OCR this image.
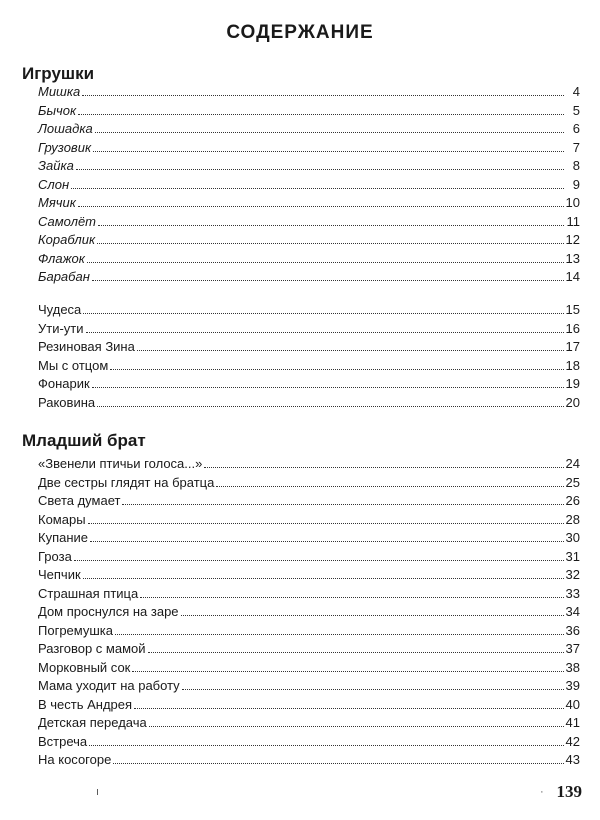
СОДЕРЖАНИЕ
Игрушки
Мишка	4
Бычок	5
Лошадка	6
Грузовик	7
Зайка	8
Слон	9
Мячик	10
Самолёт	11
Кораблик	12
Флажок	13
Барабан	14
Чудеса	15
Ути-ути	16
Резиновая Зина	17
Мы с отцом	18
Фонарик	19
Раковина	20
Младший брат
«Звенели птичьи голоса...»	24
Две сестры глядят на братца	25
Света думает	26
Комары	28
Купание	30
Гроза	31
Чепчик	32
Страшная птица	33
Дом проснулся на заре	34
Погремушка	36
Разговор с мамой	37
Морковный сок	38
Мама уходит на работу	39
В честь Андрея	40
Детская передача	41
Встреча	42
На косогоре	43
ı	· 139
